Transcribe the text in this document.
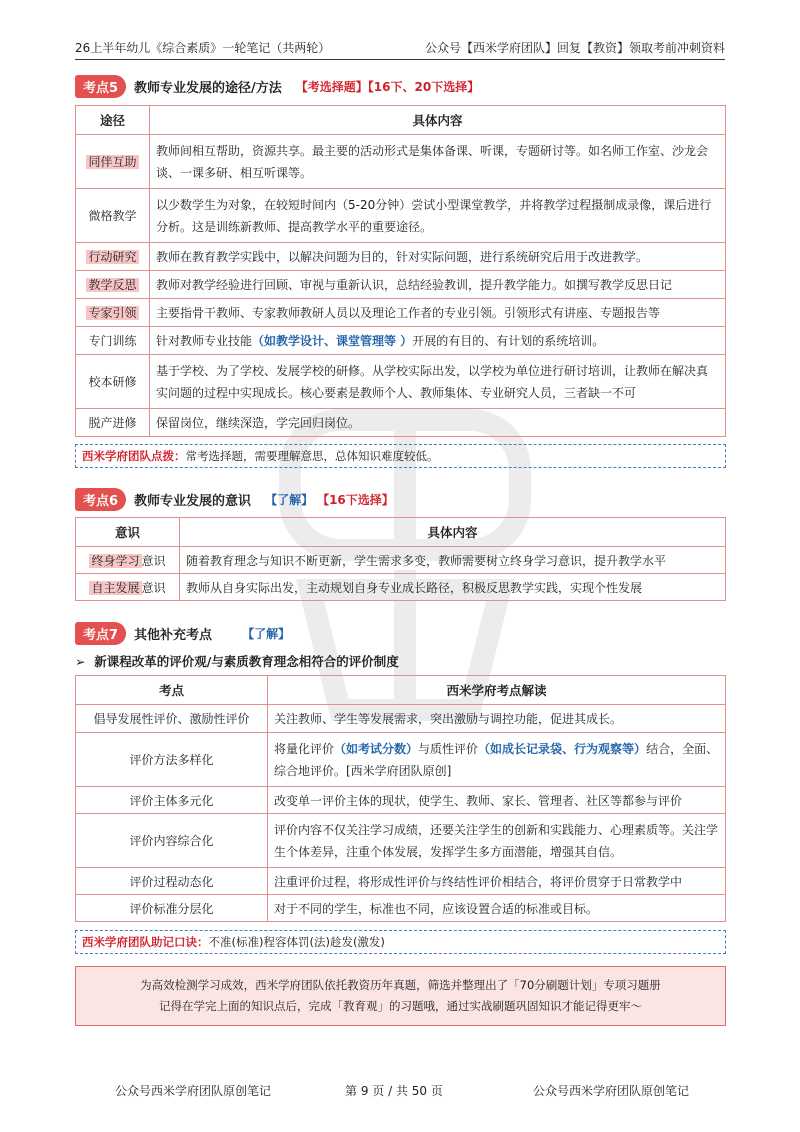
26上半年幼儿《综合素质》一轮笔记（共两轮）	公众号【西米学府团队】回复【教资】领取考前冲刺资料
考点5	教师专业发展的途径/方法 【考选择题】【16下、20下选择】
途径	具体内容
同伴互助	教师间相互帮助，资源共享。最主要的活动形式是集体备课、听课，专题研讨等。如名师工作室、沙龙会谈、一课多研、相互听课等。
微格教学	以少数学生为对象，在较短时间内（5-20分钟）尝试小型课堂教学，并将教学过程摄制成录像，课后进行分析。这是训练新教师、提高教学水平的重要途径。
行动研究	教师在教育教学实践中，以解决问题为目的，针对实际问题，进行系统研究后用于改进教学。
教学反思	教师对教学经验进行回顾、审视与重新认识，总结经验教训，提升教学能力。如撰写教学反思日记
专家引领	主要指骨干教师、专家教师教研人员以及理论工作者的专业引领。引领形式有讲座、专题报告等
专门训练	针对教师专业技能（如教学设计、课堂管理等 ）开展的有目的、有计划的系统培训。
校本研修	基于学校、为了学校、发展学校的研修。从学校实际出发，以学校为单位进行研讨培训，让教师在解决真实问题的过程中实现成长。核心要素是教师个人、教师集体、专业研究人员，三者缺一不可
脱产进修	保留岗位，继续深造，学完回归岗位。
西米学府团队点拨：常考选择题，需要理解意思，总体知识难度较低。
考点6	教师专业发展的意识 【了解】 【16下选择】
意识	具体内容
终身学习 意识	随着教育理念与知识不断更新，学生需求多变，教师需要树立终身学习意识，提升教学水平
自主发展 意识	教师从自身实际出发，主动规划自身专业成长路径，积极反思教学实践，实现个性发展
考点7	其他补充考点	【了解】
➢  新课程改革的评价观/与素质教育理念相符合的评价制度
考点	西米学府考点解读
倡导发展性评价、激励性评价	关注教师、学生等发展需求，突出激励与调控功能，促进其成长。
评价方法多样化	将量化评价（如考试分数）与质性评价（如成长记录袋、行为观察等）结合，全面、综合地评价。[西米学府团队原创]
评价主体多元化	改变单一评价主体的现状，使学生、教师、家长、管理者、社区等都参与评价
评价内容综合化	评价内容不仅关注学习成绩，还要关注学生的创新和实践能力、心理素质等。关注学生个体差异，注重个体发展，发挥学生多方面潜能，增强其自信。
评价过程动态化	注重评价过程，将形成性评价与终结性评价相结合，将评价贯穿于日常教学中
评价标准分层化	对于不同的学生，标准也不同，应该设置合适的标准或目标。
西米学府团队助记口诀：不准(标准)程容体罚(法)趁发(激发)
为高效检测学习成效，西米学府团队依托教资历年真题，筛选并整理出了「70分刷题计划」专项习题册
记得在学完上面的知识点后，完成「教育观」的习题哦，通过实战刷题巩固知识才能记得更牢～
公众号西米学府团队原创笔记	第 9 页 / 共 50 页	公众号西米学府团队原创笔记
